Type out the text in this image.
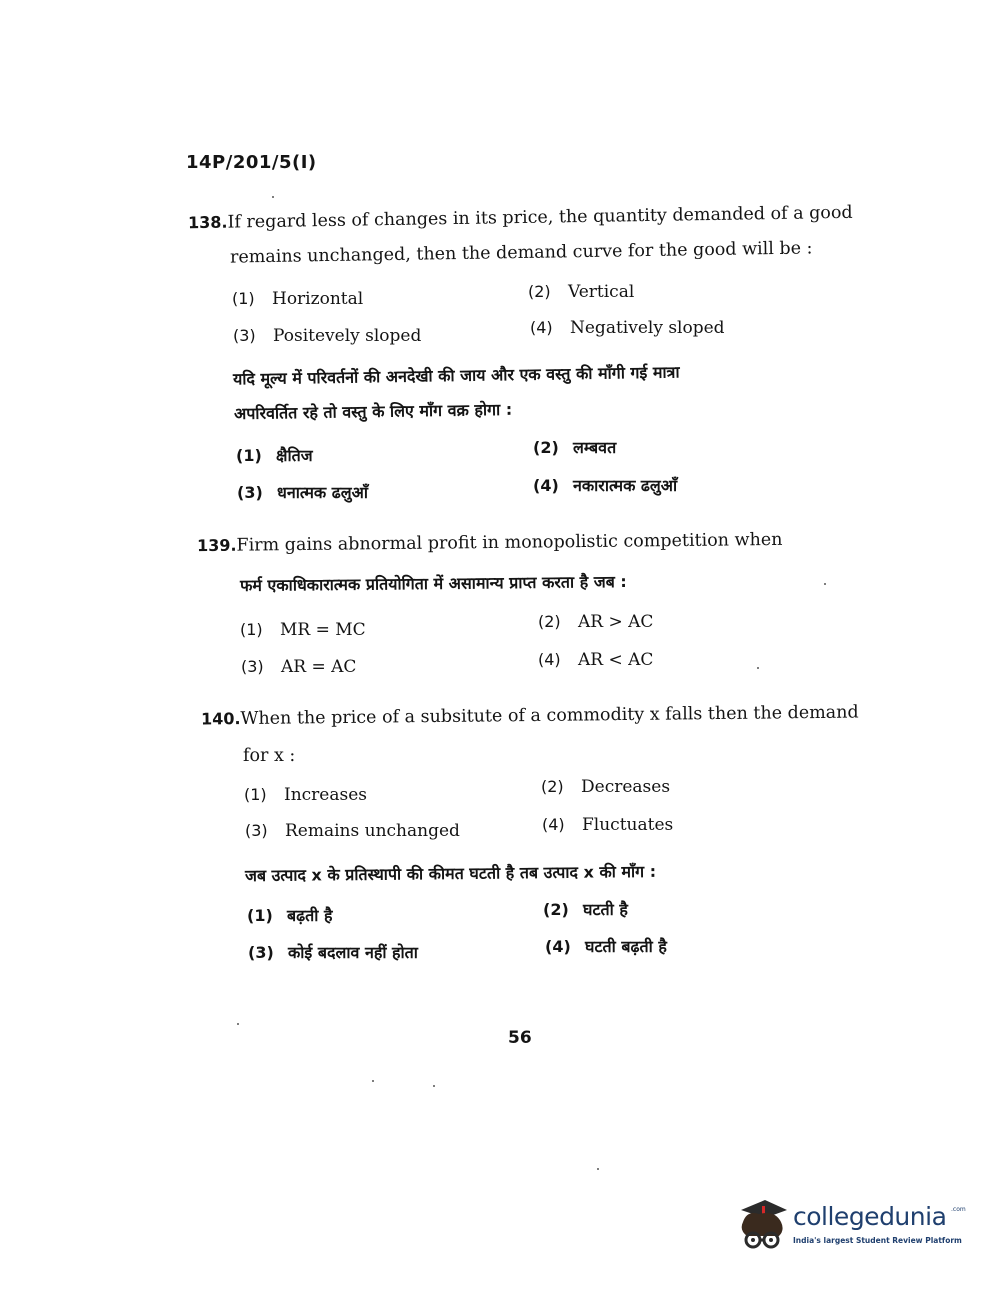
14P/201/5(I)
138.If regard less of changes in its price, the quantity demanded of a good
remains unchanged, then the demand curve for the good will be :
(1) Horizontal	(2) Vertical
(3) Positevely sloped	(4) Negatively sloped
यदि मूल्य में परिवर्तनों की अनदेखी की जाय और एक वस्तु की माँगी गई मात्रा
अपरिवर्तित रहे तो वस्तु के लिए माँग वक्र होगा :
(1) क्षैतिज	(2) लम्बवत
(3) धनात्मक ढलुआँ	(4) नकारात्मक ढलुआँ
139.Firm gains abnormal profit in monopolistic competition when
फर्म एकाधिकारात्मक प्रतियोगिता में असामान्य प्राप्त करता है जब :
(1) MR = MC	(2) AR > AC
(3) AR = AC	(4) AR < AC
140.When the price of a subsitute of a commodity x falls then the demand
for x :
(1) Increases	(2) Decreases
(3) Remains unchanged	(4) Fluctuates
जब उत्पाद x के प्रतिस्थापी की कीमत घटती है तब उत्पाद x की माँग :
(1) बढ़ती है	(2) घटती है
(3) कोई बदलाव नहीं होता	(4) घटती बढ़ती है
56
collegedunia .com
India's largest Student Review Platform
